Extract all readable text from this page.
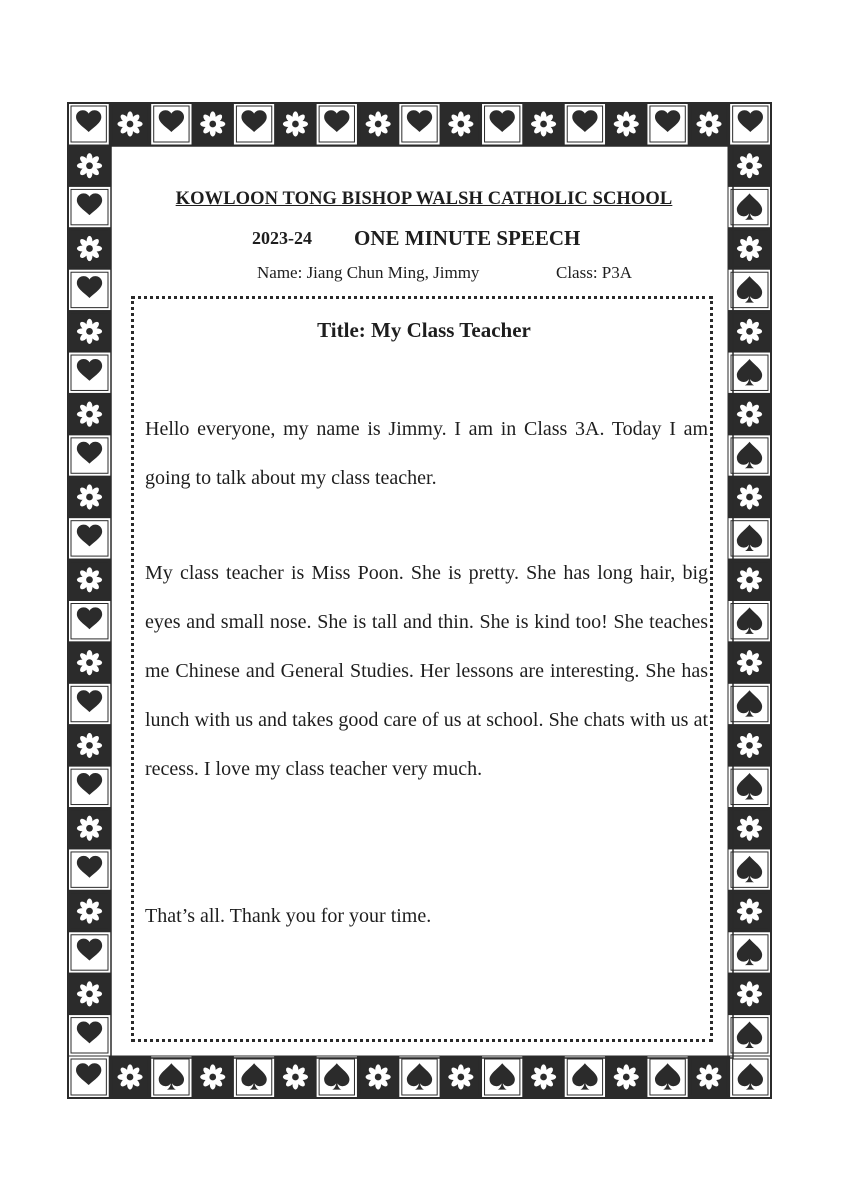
KOWLOON TONG BISHOP WALSH CATHOLIC SCHOOL
2023-24 ONE MINUTE SPEECH
Name: Jiang Chun Ming, Jimmy	Class: P3A
Title: My Class Teacher

Hello everyone, my name is Jimmy. I am in Class 3A. Today I am going to talk about my class teacher.

My class teacher is Miss Poon. She is pretty. She has long hair, big eyes and small nose. She is tall and thin. She is kind too! She teaches me Chinese and General Studies. Her lessons are interesting. She has lunch with us and takes good care of us at school. She chats with us at recess. I love my class teacher very much.

That’s all. Thank you for your time.
